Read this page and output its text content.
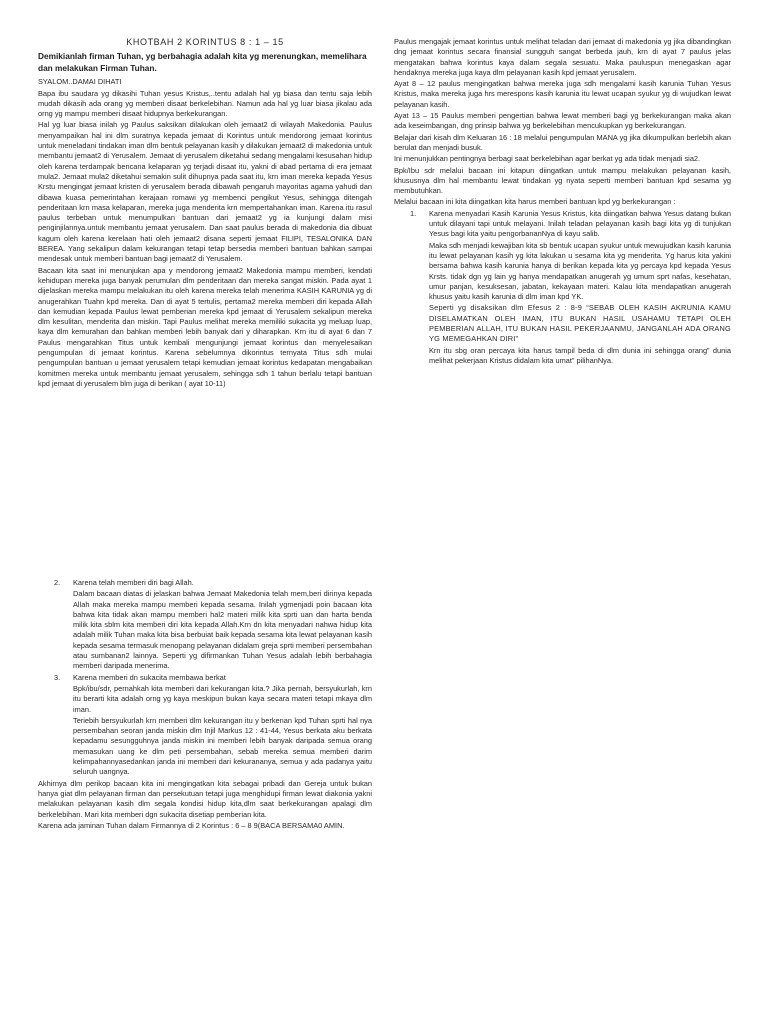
KHOTBAH 2 KORINTUS 8 : 1 – 15

Demikianlah firman Tuhan, yg berbahagia adalah kita yg merenungkan, memelihara dan melakukan Firman Tuhan.

SYALOM..DAMAI DIHATI

Bapa ibu saudara yg dikasihi Tuhan yesus Kristus,..tentu adalah hal yg biasa dan tentu saja lebih mudah dikasih ada orang yg memberi disaat berkelebihan. Namun ada hal yg luar biasa jikalau ada orng yg mampu memberi disaat hidupnya berkekurangan.

Hal yg luar biasa inilah yg Paulus saksikan dilakukan oleh jemaat2 di wilayah Makedonia. Paulus menyampaikan hal ini dlm suratnya kepada jemaat di Korintus untuk mendorong jemaat korintus untuk meneladani tindakan iman dlm bentuk pelayanan kasih y dilakukan jemaat2 di makedonia untuk membantu jemaat2 di Yerusalem. Jemaat di yerusalem diketahui sedang mengalami kesusahan hidup oleh karena terdampak bencana kelaparan yg terjadi disaat itu, yakni di abad pertama di era jemaat mula2. Jemaat mula2 diketahui semakin sulit dihupnya pada saat itu, krn iman mereka kepada Yesus Krstu mengingat jemaat kristen di yerusalem berada dibawah pengaruh mayoritas agama yahudi dan dibawa kuasa pemerintahan kerajaan romawi yg membenci pengikut Yesus, sehingga ditengah penderitaan krn masa kelaparan, mereka juga menderita krn mempertahankan iman. Karena itu rasul paulus terbeban untuk menumpulkan bantuan dari jemaat2 yg ia kunjungi dalam misi penginjilannya.untuk membantu jemaat yerusalem. Dan saat paulus berada di makedonia dia dibuat kagum oleh karena kerelaan hati oleh jemaat2 disana seperti jemaat FILIPI, TESALONIKA DAN BEREA. Yang sekalipun dalam kekurangan tetapi tetap bersedia memberi bantuan bahkan sampai mendesak untuk memberi bantuan bagi jemaat2 di Yerusalem.

Bacaan kita saat ini menunjukan apa y mendorong jemaat2 Makedonia mampu memberi, kendati kehidupan mereka juga banyak perumulan dlm penderitaan dan mereka sangat miskin. Pada ayat 1 dijelaskan mereka mampu melakukan itu oleh karena mereka telah menerima KASIH KARUNIA yg di anugerahkan Tuahn kpd mereka. Dan di ayat 5 tertulis, pertama2 mereka memberi diri kepada Allah dan kemudian kepada Paulus lewat pemberian mereka kpd jemaat di Yerusalem sekalipun mereka dlm kesulitan, menderita dan miskin. Tapi Paulus melihat mereka memiliki sukacita yg meluap luap, kaya dlm kemurahan dan bahkan memberi lebih banyak dari y diharapkan. Krn itu di ayat 6 dan 7 Paulus mengarahkan Titus untuk kembali mengunjungi jemaat korintus dan menyelesaikan pengumpulan di jemaat korintus. Karena sebelumnya dikorintus ternyata Titus sdh mulai pengumpulan bantuan u jemaat yerusalem tetapi kemudian jemaat korintus kedapatan mengabaikan komitmen mereka untuk membantu jemaat yerusalem, sehingga sdh 1 tahun berlalu tetapi bantuan kpd jemaat di yerusalem blm juga di berikan ( ayat 10-11)

Paulus mengajak jemaat korintus untuk melihat teladan dari jemaat di makedonia yg jika dibandingkan dng jemaat korintus secara finansial sungguh sangat berbeda jauh, krn di ayat 7 paulus jelas mengatakan bahwa korintus kaya dalam segala sesuatu. Maka pauluspun menegaskan agar hendaknya mereka juga kaya dlm pelayanan kasih kpd jemaat yerusalem.

Ayat 8 – 12 paulus mengingatkan bahwa mereka juga sdh mengalami kasih karunia Tuhan Yesus Kristus, maka mereka juga hrs merespons kasih karunia itu lewat ucapan syukur yg di wujudkan lewat pelayanan kasih.

Ayat 13 – 15 Paulus memberi pengertian bahwa lewat memberi bagi yg berkekurangan maka akan ada keseimbangan, dng prinsip bahwa yg berkelebihan mencukupkan yg berkekurangan.

Belajar dari kisah dlm Keluaran 16 : 18 melalui pengumpulan MANA yg jika dikumpulkan berlebih akan berulat dan menjadi busuk.

Ini menunjukkan pentingnya berbagi saat berkelebihan agar berkat yg ada tidak menjadi sia2.

Bpk/Ibu sdr melalui bacaan ini kitapun diingatkan untuk mampu melakukan pelayanan kasih, khususnya dlm hal membantu lewat tindakan yg nyata seperti memberi bantuan kpd sesama yg membutuhkan.

Melalui bacaan ini kita diingatkan kita harus memberi bantuan kpd yg berkekurangan :

1. Karena menyadari Kasih Karunia Yesus Kristus, kita diingatkan bahwa Yesus datang bukan untuk dilayani tapi untuk melayani. Inilah teladan pelayanan kasih bagi kita yg di tunjukan Yesus bagi kita yaitu pengorbananNya di kayu salib.

Maka sdh menjadi kewajiban kita sb bentuk ucapan syukur untuk mewujudkan kasih karunia itu lewat pelayanan kasih yg kita lakukan u sesama kita yg menderita. Yg harus kita yakini bersama bahwa kasih karunia hanya di berikan kepada kita yg percaya kpd kepada Yesus Krsts. tidak dgn yg lain yg hanya mendapatkan anugerah yg umum sprt nafas, kesehatan, umur panjan, kesuksesan, jabatan, kekayaan materi. Kalau kita mendapatkan anugerah khusus yaitu kasih karunia di dlm iman kpd YK.

Seperti yg disaksikan dlm Efesus 2 : 8-9 “SEBAB OLEH KASIH AKRUNIA KAMU DISELAMATKAN OLEH IMAN, ITU BUKAN HASIL USAHAMU TETAPI OLEH PEMBERIAN ALLAH, ITU BUKAN HASIL PEKERJAANMU, JANGANLAH ADA ORANG YG MEMEGAHKAN DIRI”

Krn itu sbg oran percaya kita harus tampil beda di dlm dunia ini sehingga orang” dunia melihat pekerjaan Kristus didalam kita umat” pilihanNya.

2. Karena telah memberi diri bagi Allah.

Dalam bacaan diatas di jelaskan bahwa Jemaat Makedonia telah mem,beri dirinya kepada Allah maka mereka mampu memberi kepada sesama. Inilah ygmenjadi poin bacaan kita bahwa kita tidak akan mampu memberi hal2 materi milik kita sprti uan dan harta benda milik kita sblm kita memberi diri kita kepada Allah.Krn dn kita menyadari nahwa hidup kita adalah milik Tuhan maka kita bisa berbuiat baik kepada sesama kita lewat pelayanan kasih kepada sesama termasuk menopang pelayanan didalam greja sprti memberi persembahan atau sumbanan2 lainnya. Seperti yg difirmankan Tuhan Yesus adalah lebih berbahagia memberi daripada menerima.

3. Karena memberi dn sukacita membawa berkat

Bpk/ibu/sdr, pernahkah kita memberi dari kekurangan kita.? Jika pernah, bersyukurlah, krn itu berarti kita adalah orng yg kaya meskipun bukan kaya secara materi tetapi mkaya dlm iman.

Teriebih bersyukurlah krn memberi dlm kekurangan itu y berkenan kpd Tuhan sprti hal nya persembahan seoran janda miskin dlm Injil Markus 12 : 41-44, Yesus berkata aku berkata kepadamu sesungguhnya janda miskin ini memberi lebih banyak daripada semua orang memasukan uang ke dlm peti persembahan, sebab mereka semua memberi darim kelimpahannyasedankan janda ini memberi dari kekurananya, semua y ada padanya yaitu seluruh uangnya.

Akhirnya dlm perikop bacaan kita ini mengingatkan kita sebagai pribadi dan Gereja untuk bukan hanya giat dlm pelayanan firman dan persekutuan tetapi juga menghidupi firman lewat diakonia yakni melakukan pelayanan kasih dlm segala kondisi hidup kita,dlm saat berkekurangan apalagi dlm berkelebihan. Mari kita memberi dgn sukacita disetiap pemberian kita.

Karena ada jaminan Tuhan dalam Firmannya di 2 Korintus : 6 – 8 9(BACA BERSAMA0 AMIN.
